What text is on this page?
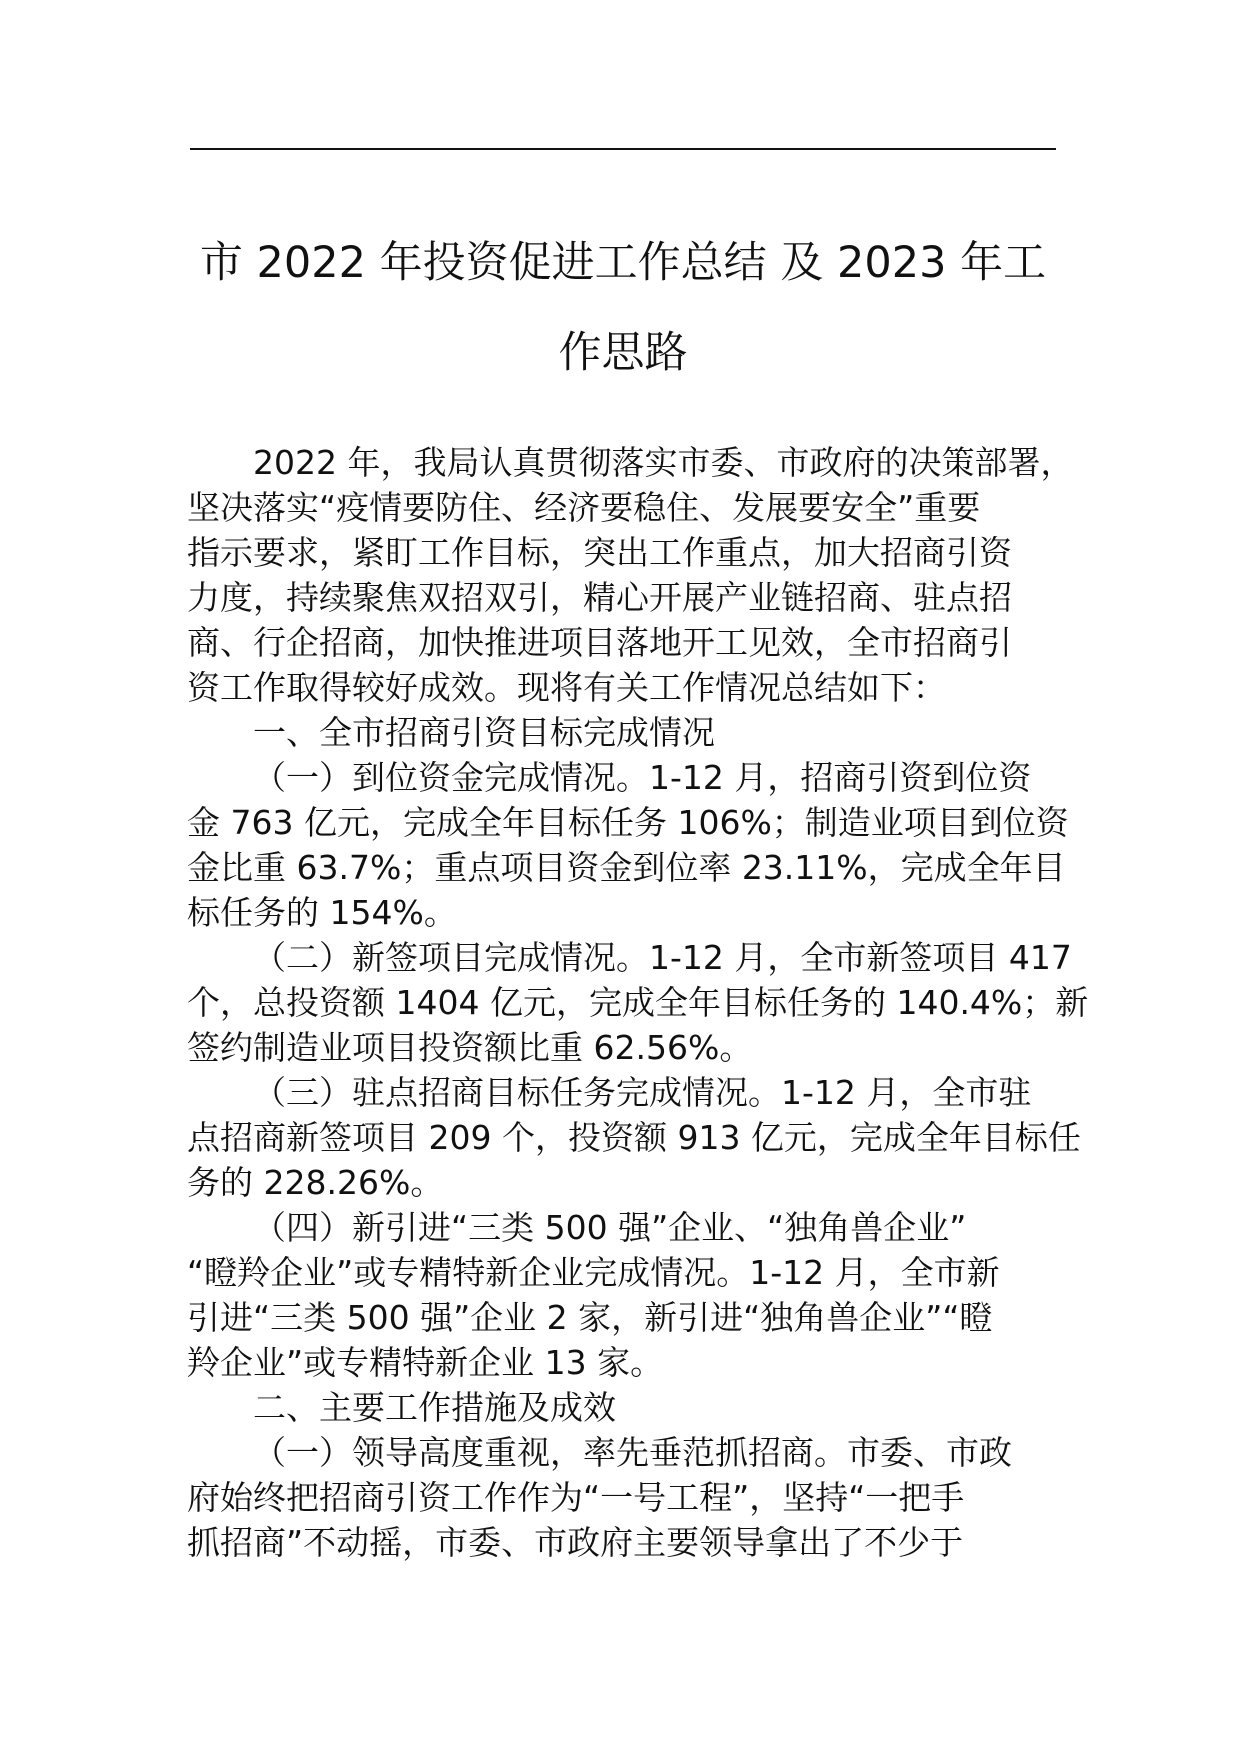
市 2022 年投资促进工作总结 及 2023 年工
作思路
2022 年，我局认真贯彻落实市委、市政府的决策部署，
坚决落实“疫情要防住、经济要稳住、发展要安全”重要
指示要求，紧盯工作目标，突出工作重点，加大招商引资
力度，持续聚焦双招双引，精心开展产业链招商、驻点招
商、行企招商，加快推进项目落地开工见效，全市招商引
资工作取得较好成效。现将有关工作情况总结如下：
一、全市招商引资目标完成情况
（一）到位资金完成情况。1-12 月，招商引资到位资
金 763 亿元，完成全年目标任务 106%；制造业项目到位资
金比重 63.7%；重点项目资金到位率 23.11%，完成全年目
标任务的 154%。
（二）新签项目完成情况。1-12 月，全市新签项目 417
个，总投资额 1404 亿元，完成全年目标任务的 140.4%；新
签约制造业项目投资额比重 62.56%。
（三）驻点招商目标任务完成情况。1-12 月，全市驻
点招商新签项目 209 个，投资额 913 亿元，完成全年目标任
务的 228.26%。
（四）新引进“三类 500 强”企业、“独角兽企业”
“瞪羚企业”或专精特新企业完成情况。1-12 月，全市新
引进“三类 500 强”企业 2 家，新引进“独角兽企业”“瞪
羚企业”或专精特新企业 13 家。
二、主要工作措施及成效
（一）领导高度重视，率先垂范抓招商。市委、市政
府始终把招商引资工作作为“一号工程”，坚持“一把手
抓招商”不动摇，市委、市政府主要领导拿出了不少于
